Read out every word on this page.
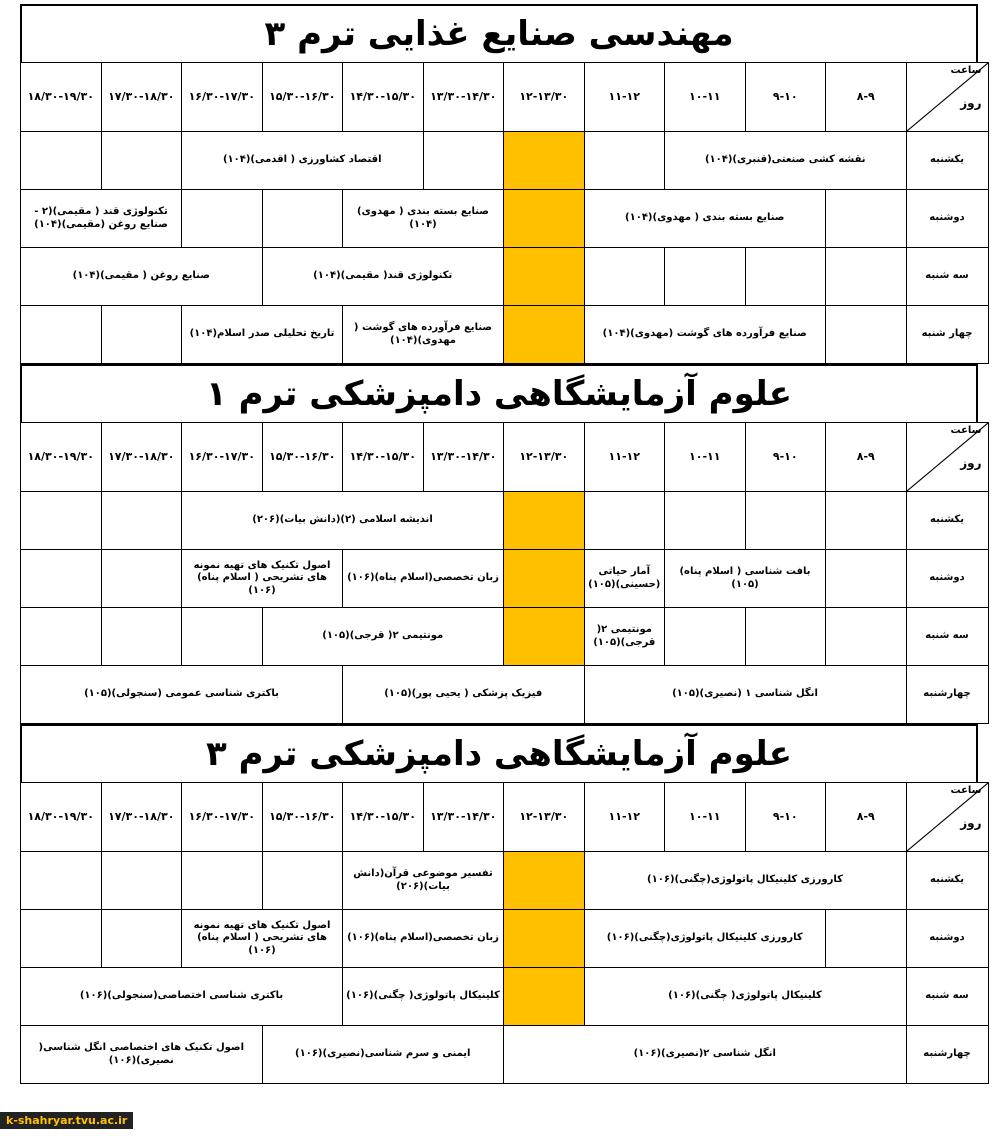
مهندسی صنایع غذایی ترم ۳
ساعت
روز	۸-۹	۹-۱۰	۱۰-۱۱	۱۱-۱۲	۱۲-۱۳/۳۰	۱۳/۳۰-۱۴/۳۰	۱۴/۳۰-۱۵/۳۰	۱۵/۳۰-۱۶/۳۰	۱۶/۳۰-۱۷/۳۰	۱۷/۳۰-۱۸/۳۰	۱۸/۳۰-۱۹/۳۰
یکشنبه	نقشه کشی صنعتی(قنبری)(۱۰۴)						اقتصاد کشاورزی ( اقدمی)(۱۰۴)				
دوشنبه		صنایع بسته بندی ( مهدوی)(۱۰۴)				صنایع بسته بندی ( مهدوی)(۱۰۴)				تکنولوژی قند ( مقیمی)(۲ - صنایع روغن (مقیمی)(۱۰۴)	
سه شنبه						تکنولوژی قند( مقیمی)(۱۰۴)			صنایع روغن ( مقیمی)(۱۰۴)		
چهار شنبه		صنایع فرآورده های گوشت (مهدوی)(۱۰۴)				صنایع فرآورده های گوشت ( مهدوی)(۱۰۴)		تاریخ تحلیلی صدر اسلام(۱۰۴)			
علوم آزمایشگاهی دامپزشکی ترم ۱
ساعت
روز	۸-۹	۹-۱۰	۱۰-۱۱	۱۱-۱۲	۱۲-۱۳/۳۰	۱۳/۳۰-۱۴/۳۰	۱۴/۳۰-۱۵/۳۰	۱۵/۳۰-۱۶/۳۰	۱۶/۳۰-۱۷/۳۰	۱۷/۳۰-۱۸/۳۰	۱۸/۳۰-۱۹/۳۰
یکشنبه						اندیشه اسلامی (۲)(دانش بیات)(۲۰۶)					
دوشنبه		بافت شناسی ( اسلام پناه)(۱۰۵)		آمار حیاتی (حسینی)(۱۰۵)		زبان تخصصی(اسلام پناه)(۱۰۶)		اصول تکنیک های تهیه نمونه های تشریحی ( اسلام پناه)(۱۰۶)			
سه شنبه				مونتیمی ۲( قرجی)(۱۰۵)		مونتیمی ۲( قرجی)(۱۰۵)					
چهارشنبه	انگل شناسی ۱ (نصیری)(۱۰۵)				فیزیک پزشکی ( یحیی پور)(۱۰۵)			باکتری شناسی عمومی (سنجولی)(۱۰۵)			
علوم آزمایشگاهی دامپزشکی ترم ۳
ساعت
روز	۸-۹	۹-۱۰	۱۰-۱۱	۱۱-۱۲	۱۲-۱۳/۳۰	۱۳/۳۰-۱۴/۳۰	۱۴/۳۰-۱۵/۳۰	۱۵/۳۰-۱۶/۳۰	۱۶/۳۰-۱۷/۳۰	۱۷/۳۰-۱۸/۳۰	۱۸/۳۰-۱۹/۳۰
یکشنبه	کارورزی کلینیکال پاتولوژی(چگنی)(۱۰۶)					تفسیر موضوعی قرآن(دانش بیات)(۲۰۶)					
دوشنبه		کارورزی کلینیکال پاتولوژی(چگنی)(۱۰۶)				زبان تخصصی(اسلام پناه)(۱۰۶)		اصول تکنیک های تهیه نمونه های تشریحی ( اسلام پناه)(۱۰۶)			
سه شنبه	کلینیکال پاتولوژی( چگنی)(۱۰۶)					کلینیکال پاتولوژی( چگنی)(۱۰۶)		باکتری شناسی اختصاصی(سنجولی)(۱۰۶)			
چهارشنبه	انگل شناسی ۲(نصیری)(۱۰۶)					ایمنی و سرم شناسی(نصیری)(۱۰۶)			اصول تکنیک های اختصاصی انگل شناسی( نصیری)(۱۰۶)		
k-shahryar.tvu.ac.ir
